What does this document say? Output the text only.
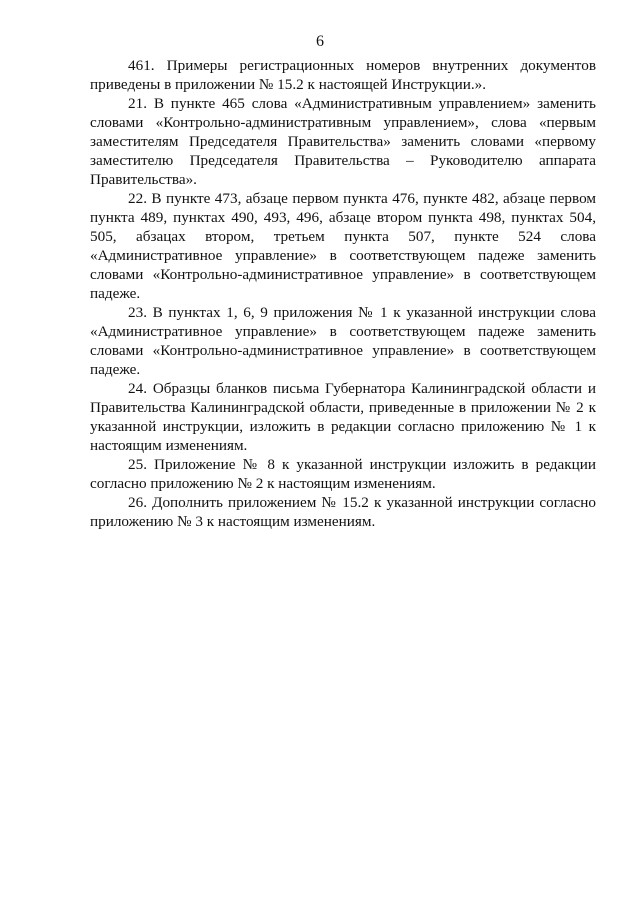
6

461. Примеры регистрационных номеров внутренних документов приведены в приложении № 15.2 к настоящей Инструкции.».

21. В пункте 465 слова «Административным управлением» заменить словами «Контрольно-административным управлением», слова «первым заместителям Председателя Правительства» заменить словами «первому заместителю Председателя Правительства – Руководителю аппарата Правительства».

22. В пункте 473, абзаце первом пункта 476, пункте 482, абзаце первом пункта 489, пунктах 490, 493, 496, абзаце втором пункта 498, пунктах 504, 505, абзацах втором, третьем пункта 507, пункте 524 слова «Административное управление» в соответствующем падеже заменить словами «Контрольно-административное управление» в соответствующем падеже.

23. В пунктах 1, 6, 9 приложения № 1 к указанной инструкции слова «Административное управление» в соответствующем падеже заменить словами «Контрольно-административное управление» в соответствующем падеже.

24. Образцы бланков письма Губернатора Калининградской области и Правительства Калининградской области, приведенные в приложении № 2 к указанной инструкции, изложить в редакции согласно приложению № 1 к настоящим изменениям.

25. Приложение № 8 к указанной инструкции изложить в редакции согласно приложению № 2 к настоящим изменениям.

26. Дополнить приложением № 15.2 к указанной инструкции согласно приложению № 3 к настоящим изменениям.
